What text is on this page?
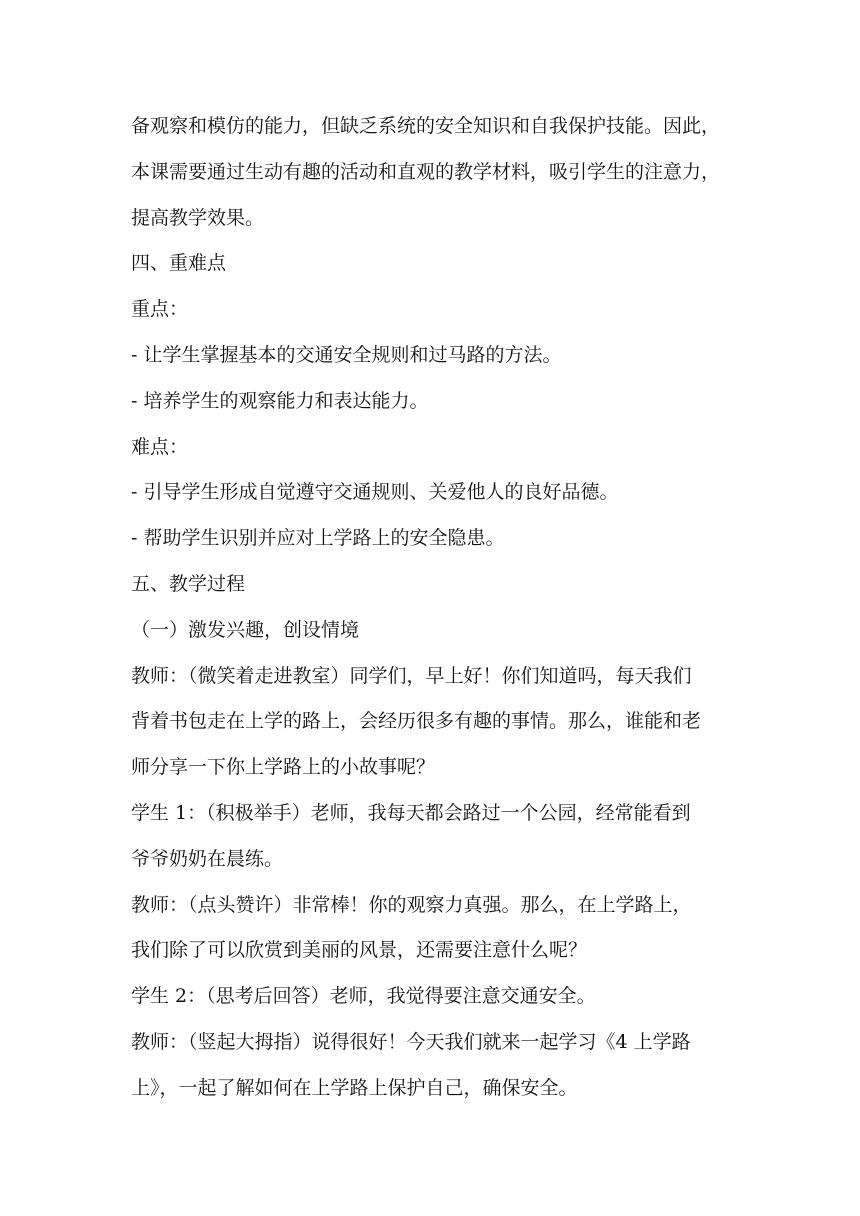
备观察和模仿的能力，但缺乏系统的安全知识和自我保护技能。因此，
本课需要通过生动有趣的活动和直观的教学材料，吸引学生的注意力，
提高教学效果。
四、重难点
重点：
- 让学生掌握基本的交通安全规则和过马路的方法。
- 培养学生的观察能力和表达能力。
难点：
- 引导学生形成自觉遵守交通规则、关爱他人的良好品德。
- 帮助学生识别并应对上学路上的安全隐患。
五、教学过程
（一）激发兴趣，创设情境
教师：（微笑着走进教室）同学们，早上好！你们知道吗，每天我们
背着书包走在上学的路上，会经历很多有趣的事情。那么，谁能和老
师分享一下你上学路上的小故事呢？
学生 1：（积极举手）老师，我每天都会路过一个公园，经常能看到
爷爷奶奶在晨练。
教师：（点头赞许）非常棒！你的观察力真强。那么，在上学路上，
我们除了可以欣赏到美丽的风景，还需要注意什么呢？
学生 2：（思考后回答）老师，我觉得要注意交通安全。
教师：（竖起大拇指）说得很好！今天我们就来一起学习《4 上学路
上》，一起了解如何在上学路上保护自己，确保安全。
